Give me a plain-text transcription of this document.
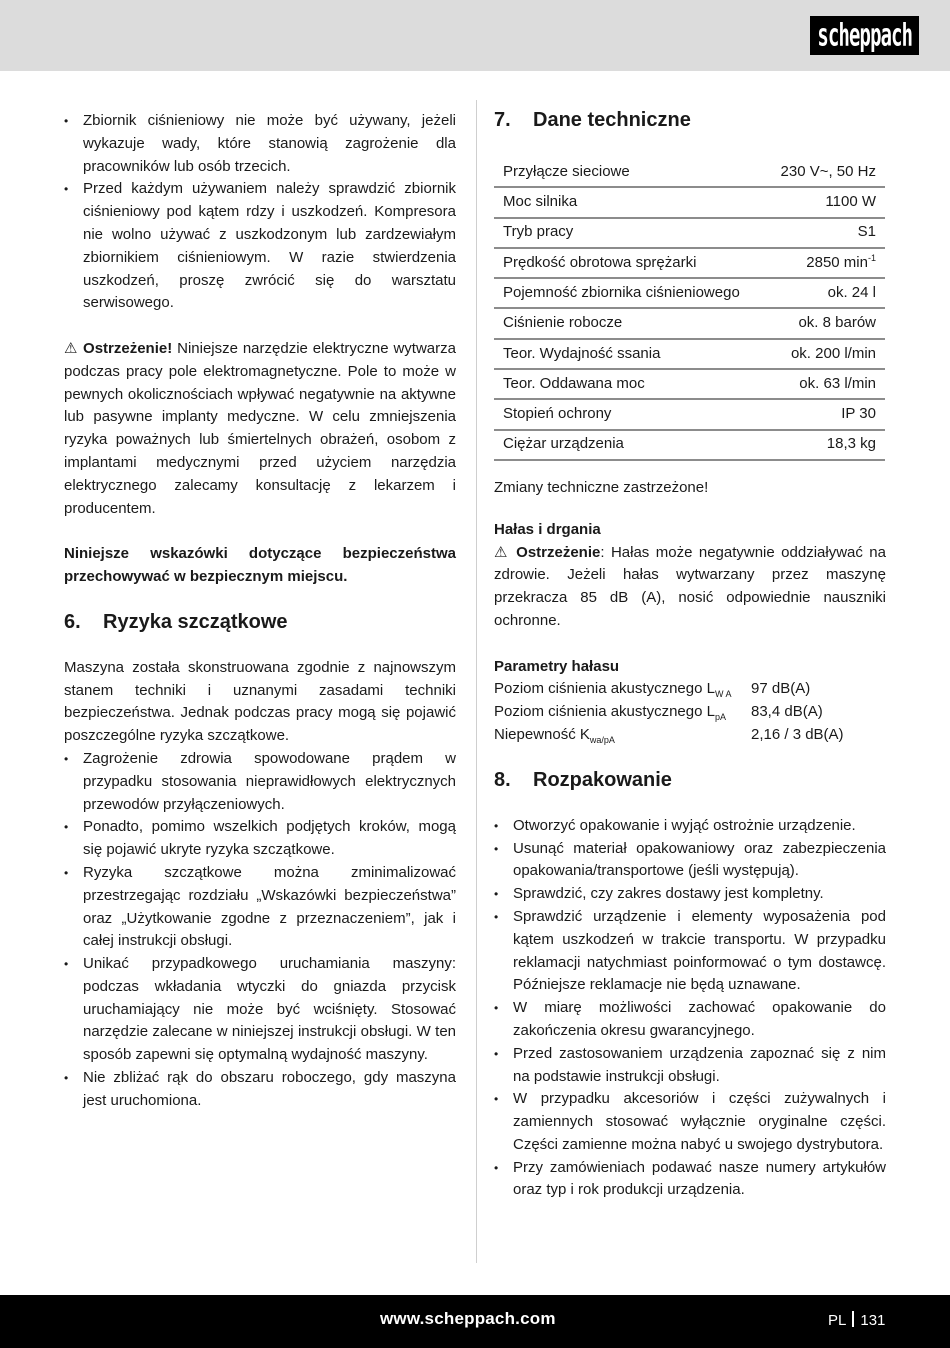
scheppach
• Zbiornik ciśnieniowy nie może być używany, jeżeli wykazuje wady, które stanowią zagrożenie dla pracowników lub osób trzecich.
• Przed każdym używaniem należy sprawdzić zbiornik ciśnieniowy pod kątem rdzy i uszkodzeń. Kompresora nie wolno używać z uszkodzonym lub zardzewiałym zbiornikiem ciśnieniowym. W razie stwierdzenia uszkodzeń, proszę zwrócić się do warsztatu serwisowego.

⚠ Ostrzeżenie! Niniejsze narzędzie elektryczne wytwarza podczas pracy pole elektromagnetyczne. Pole to może w pewnych okolicznościach wpływać negatywnie na aktywne lub pasywne implanty medyczne. W celu zmniejszenia ryzyka poważnych lub śmiertelnych obrażeń, osobom z implantami medycznymi przed użyciem narzędzia elektrycznego zalecamy konsultację z lekarzem i producentem.

Niniejsze wskazówki dotyczące bezpieczeństwa przechowywać w bezpiecznym miejscu.

6. Ryzyka szczątkowe

Maszyna została skonstruowana zgodnie z najnowszym stanem techniki i uznanymi zasadami techniki bezpieczeństwa. Jednak podczas pracy mogą się pojawić poszczególne ryzyka szczątkowe.

• Zagrożenie zdrowia spowodowane prądem w przypadku stosowania nieprawidłowych elektrycznych przewodów przyłączeniowych.
• Ponadto, pomimo wszelkich podjętych kroków, mogą się pojawić ukryte ryzyka szczątkowe.
• Ryzyka szczątkowe można zminimalizować przestrzegając rozdziału „Wskazówki bezpieczeństwa” oraz „Użytkowanie zgodne z przeznaczeniem”, jak i całej instrukcji obsługi.
• Unikać przypadkowego uruchamiania maszyny: podczas wkładania wtyczki do gniazda przycisk uruchamiający nie może być wciśnięty. Stosować narzędzie zalecane w niniejszej instrukcji obsługi. W ten sposób zapewni się optymalną wydajność maszyny.
• Nie zbliżać rąk do obszaru roboczego, gdy maszyna jest uruchomiona.
7. Dane techniczne
Przyłącze sieciowe	230 V~, 50 Hz
Moc silnika	1100 W
Tryb pracy	S1
Prędkość obrotowa sprężarki	2850 $\min^{-1}$
Pojemność zbiornika ciśnieniowego	ok. 24 l
Ciśnienie robocze	ok. 8 barów
Teor. Wydajność ssania	ok. 200 l/min
Teor. Oddawana moc	ok. 63 l/min
Stopień ochrony	IP 30
Ciężar urządzenia	18,3 kg

Zmiany techniczne zastrzeżone!

Hałas i drgania

⚠ Ostrzeżenie: Hałas może negatywnie oddziaływać na zdrowie. Jeżeli hałas wytwarzany przez maszynę przekracza 85 dB (A), nosić odpowiednie nauszniki ochronne.

Parametry hałasu
Poziom ciśnienia akustycznego $L_{W A}$	97 dB(A)
Poziom ciśnienia akustycznego $L_{pA}$	83,4 dB(A)
Niepewność $K_{wa/pA}$	2,16 / 3 dB(A)
8. Rozpakowanie
• Otworzyć opakowanie i wyjąć ostrożnie urządzenie.
• Usunąć materiał opakowaniowy oraz zabezpieczenia opakowania/transportowe (jeśli występują).
• Sprawdzić, czy zakres dostawy jest kompletny.
• Sprawdzić urządzenie i elementy wyposażenia pod kątem uszkodzeń w trakcie transportu. W przypadku reklamacji natychmiast poinformować o tym dostawcę. Późniejsze reklamacje nie będą uznawane.
• W miarę możliwości zachować opakowanie do zakończenia okresu gwarancyjnego.
• Przed zastosowaniem urządzenia zapoznać się z nim na podstawie instrukcji obsługi.
• W przypadku akcesoriów i części zużywalnych i zamiennych stosować wyłącznie oryginalne części. Części zamienne można nabyć u swojego dystrybutora.
• Przy zamówieniach podawać nasze numery artykułów oraz typ i rok produkcji urządzenia.
www.scheppach.com	PL 131
